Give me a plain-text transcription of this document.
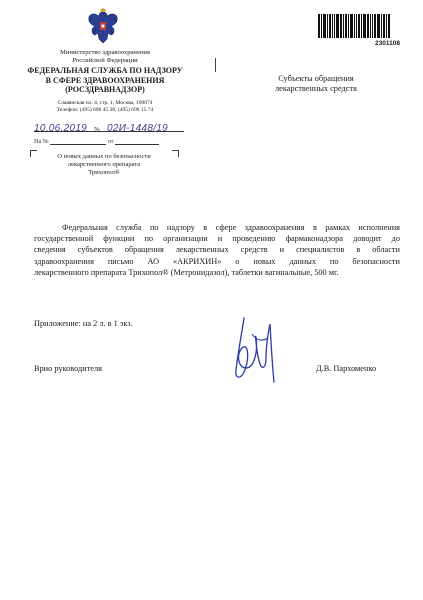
Министерство здравоохранения
Российской Федерации
ФЕДЕРАЛЬНАЯ СЛУЖБА ПО НАДЗОРУ
В СФЕРЕ ЗДРАВООХРАНЕНИЯ
(РОСЗДРАВНАДЗОР)
Славянская пл. 4, стр. 1, Москва, 109074
Телефон: (495) 698 45 38; (495) 698 15 74
2301108
Субъекты обращения
лекарственных средств
10.06.2019 № 02И-1448/19
На №	от
О новых данных по безопасности
лекарственного препарата
Трихопол®
Федеральная служба по надзору в сфере здравоохранения в рамках исполнения
государственной функции по организации и проведению фармаконадзора доводит до
сведения субъектов обращения лекарственных средств и специалистов в области
здравоохранения письмо АО «АКРИХИН» о новых данных по безопасности
лекарственного препарата Трихопол® (Метронидазол), таблетки вагинальные, 500 мг.
Приложение: на 2 л. в 1 экз.
Врио руководителя	Д.В. Пархоменко
